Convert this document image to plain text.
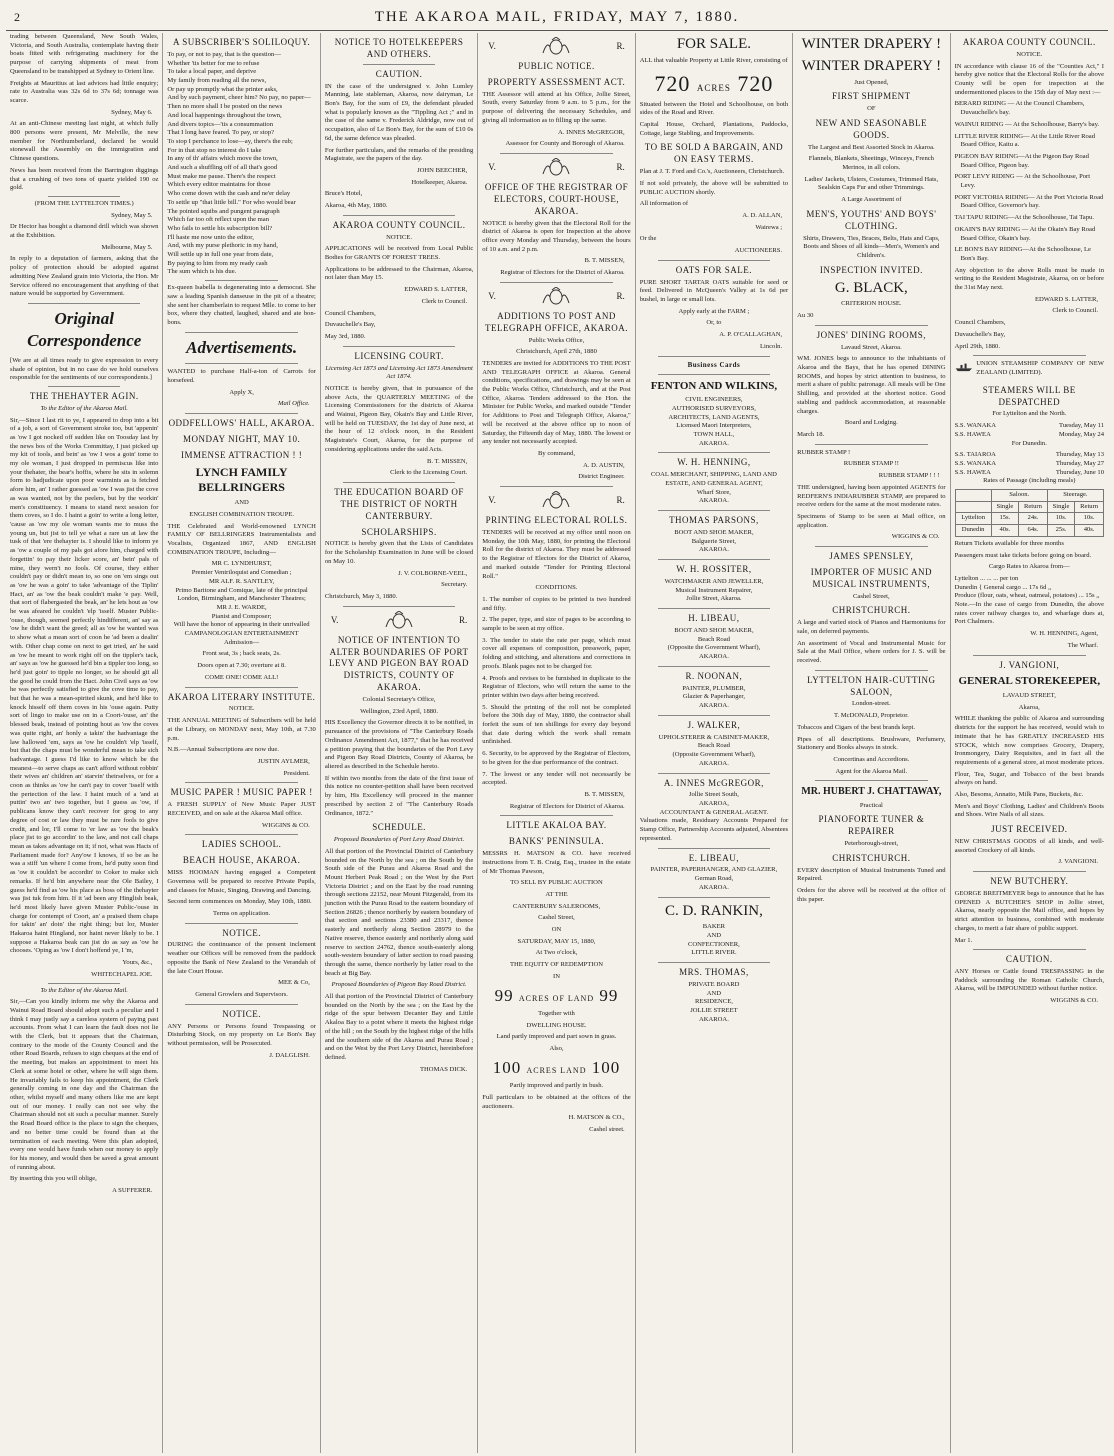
2	THE AKAROA MAIL, FRIDAY, MAY 7, 1880.

trading between Queensland, New South Wales, Victoria, and South Australia, contemplate having their boats fitted with refrigerating machinery for the purpose of carrying shipments of meat from Queensland to be transhipped at Sydney to Orient line.

Freights at Mauritius at last advices had little enquiry; rate to Australia was 32s 6d to 37s 6d; tonnage was scarce.

Sydney, May 6.

At an anti-Chinese meeting last night, at which fully 800 persons were present, Mr Melville, the new member for Northumberland, declared he would stonewall the Assembly on the immigration and Chinese questions.

News has been received from the Barrington diggings that a crushing of two tons of quartz yielded 190 oz gold.

(FROM THE LYTTELTON TIMES.)

Sydney, May 5.

Dr Hector has bought a diamond drill which was shown at the Exhibition.

Melbourne, May 5.

In reply to a deputation of farmers, asking that the policy of protection should be adopted against admitting New Zealand grain into Victoria, the Hon. Mr Service offered no encouragement that anything of that nature would be supported by Government.

Original Correspondence

[We are at all times ready to give expression to every shade of opinion, but in no case do we hold ourselves responsible for the sentiments of our correspondents.]

THE THEHAYTER AGIN.

To the Editor of the Akaroa Mail.

Sir,—Since I last rit to ye, I appeared to drop into a bit of a job, a sort of Government stroke too, but 'appenin' as 'ow I got nocked off sudden like on Toosday last by the news bos of the Works Committay, I just picked up my kit of tools, and bein' as 'ow I wos a goin' tome to my ole woman, I just dropped in permiscus like into your thehater, the bear's hoffis, where he sits in solemn form to hadjudicate upon poor warmints as is fetched afore him, an' I rather guessed as 'ow I was jist the cove as was wanted, not by the peelers, but by the workin' men's constituency. I means to stand next session for them coves, so I do. I haint a goin' to write a long letter, 'cause as 'ow my ole woman wants me to muss the young un, but jist to tell ye what a rare un at law the tusk of that 'ere thehayter is. I should like to inform ye as 'ow a couple of my pals got afore him, charged with forgettin' to pay their licker score, an' bein' pals of mine, they wern't no fools. Of course, they either couldn't pay or didn't mean to, so one on 'em sings out as 'ow he was a goin' to take 'advantage of the Tiplin' Hact, an' as 'ow the beak couldn't make 'e pay. Well, that sort of flabergasted the beak, an' he lets hout as 'ow he was afeared he couldn't 'elp 'isself. Muster Public-'ouse, though, seemed perfectly hindifferent, an' say as 'ow he didn't want the greed; all as 'ow he wanted was to show what a mean sort of coon he 'ad been a dealin' with. Other chap come on next to get tried, an' he said as 'ow he meant to work right off on the tippler's tack, an' says as 'ow he guessed he'd bin a tippler too long, so he'd just goin' to tipple no longer, so he should git all the good he could from the Hact. John Civil says as 'ow he was perfectly satisfied to give the cove time to pay, but that he was a mean-spirited skunk, and he'd like to knock hisself off them coves in his 'ouse again. Putty sort of lingo to make use on in a Coort-'ouse, an' the blessed beak, instead of pointing hout as 'ow the coves was quite right, an' honly a takin' the hadvantage the law hallowed 'em, says as 'ow he couldn't 'elp 'isself, but that the chaps must be wonderful mean to take sich hadvantage. I guess I'd like to know which be the meanest—to serve chaps as can't afford without robbin' their wives an' children an' starvin' theirselves, or for a coon as thinks as 'ow he can't pay to cover 'isself with the pertection of the law. I haint much of a 'and at puttin' two an' two together, but I guess as 'ow, if publicans know they can't recover for grog to any degree of cost or law they must be rare fools to give credit, and lor, I'll come to 'er law as 'ow the beak's place jist to go accordin' to the law, and not call chaps mean as takes advantage on it; if not, what was Hacts of Parliament made for? Any'ow I knows, if so be as he was a stiff 'un where I come from, he'd putty soon find as 'ow it couldn't be accordin' to Coker to make sich remarks. If he'd bin anywhere near the Ole Bailey, I guess he'd find as 'ow his place as boss of the thehayter was jist tuk from him. If it 'ad been any Hinglish beak, he'd most likely have given Muster Public-'ouse in charge for contempt of Coort, an' a praised them chaps for takin' an' doin' the right thing; but lor, Muster Hakaroa haint Hingland, nor haint never likely to be. I suppose a Hakaroa beak can jist do as say as 'ow he chooses. 'Oping as 'ow I don't hoffend ye, I 'm,

Yours, &c.,

WHITECHAPEL JOE.

To the Editor of the Akaroa Mail.

Sir,—Can you kindly inform me why the Akaroa and Wainui Road Board should adopt such a peculiar and I think I may justly say a careless system of paying past accounts. From what I can learn the fault does not lie with the Clerk, but it appears that the Chairman, contrary to the mode of the County Council and the other Road Boards, refuses to sign cheques at the end of the meeting, but makes an appointment to meet his Clerk at some hotel or other, where he will sign them. He invariably fails to keep his appointment, the Clerk generally coming in one day and the Chairman the other, whilst myself and many others like me are kept out of our money. I really can not see why the Chairman should not sit such a peculiar manner. Surely the Road Board office is the place to sign the cheques, and no better time could be found than at the termination of each meeting. Were this plan adopted, every one would have funds when our money to apply for his money, and would then be saved a great amount of running about.

By inserting this you will oblige,

A SUFFERER.

A SUBSCRIBER'S SOLILOQUY.
To pay, or not to pay, that is the question—
Whether 'tis better for me to refuse
To take a local paper, and deprive
My family from reading all the news,
Or pay up promptly what the printer asks,
And by such payment, cheer him? No pay, no paper—
Then no more shall I be posted on the news
And local happenings throughout the town,
And divers topics—'tis a consummation
That I long have feared. To pay, or stop?
To stop I perchance to lose—ay, there's the rub;
For in that stop no interest do I take
In any of th' affairs which move the town,
And such a shuffling off of all that's good
Must make me pause. There's the respect
Which every editor maintains for those
Who come down with the cash and ne'er delay
To settle up "that little bill." For who would bear
The pointed squibs and pungent paragraph
Which far too oft reflect upon the man
Who fails to settle his subscription bill?
I'll haste me now unto the editor,
And, with my purse plethoric in my hand,
Will settle up in full one year from date,
By paying to him from my ready cash
The sum which is his due.

Ex-queen Isabella is degenerating into a democrat. She saw a leading Spanish danseuse in the pit of a theatre; she sent her chamberlain to request Mlle. to come to her box, where they chatted, laughed, shared and ate bon-bons.

Advertisements.

WANTED to purchase Half-a-ton of Carrots for horsefeed.

Apply X,

Mail Office.

ODDFELLOWS' HALL, AKAROA.
MONDAY NIGHT, MAY 10.
IMMENSE ATTRACTION ! !
LYNCH FAMILY BELLRINGERS

AND

ENGLISH COMBINATION TROUPE.

THE Celebrated and World-renowned LYNCH FAMILY OF BELLRINGERS Instrumentalists and Vocalists, Organized 1867, AND ENGLISH COMBINATION TROUPE, Including—

MR C. LYNDHURST,
Premier Ventriloquist and Comedian ;
MR ALF. R. SANTLEY,
Primo Baritone and Comique, late of the principal London, Birmingham, and Manchester Theatres;
MR J. E. WARDE,
Pianist and Composer;
Will have the honor of appearing in their unrivalled
CAMPANOLOGIAN ENTERTAINMENT

Admission—

Front seat, 3s ; back seats, 2s.

Doors open at 7.30; overture at 8.

COME ONE! COME ALL!

AKAROA LITERARY INSTITUTE.

NOTICE.

THE ANNUAL MEETING of Subscribers will be held at the Library, on MONDAY next, May 10th, at 7.30 p.m.

N.B.—Annual Subscriptions are now due.

JUSTIN AYLMER,

President.

MUSIC PAPER ! MUSIC PAPER !

A FRESH SUPPLY of New Music Paper JUST RECEIVED, and on sale at the Akaroa Mail office.

WIGGINS & CO.

LADIES SCHOOL.
BEACH HOUSE, AKAROA.

MISS HOOMAN having engaged a Competent Governess will be prepared to receive Private Pupils, and classes for Music, Singing, Drawing and Dancing.

Second term commences on Monday, May 10th, 1880.

Terms on application.

NOTICE.

DURING the continuance of the present inclement weather our Offices will be removed from the paddock opposite the Bank of New Zealand to the Verandah of the late Court House.

MEE & Co,

General Growlers and Supervisors.

NOTICE.

ANY Persons or Persons found Trespassing or Disturbing Stock, on my property on Le Bon's Bay without permission, will be Prosecuted.

J. DALGLISH.

NOTICE TO HOTELKEEPERS AND OTHERS.
CAUTION.

IN the case of the undersigned v. John Lumley Manning, late stableman, Akaroa, now dairyman, Le Bon's Bay, for the sum of £9, the defendant pleaded what is popularly known as the "Tippling Act ;" and in the case of the same v. Frederick Aldridge, now out of occupation, also of Le Bon's Bay, for the sum of £10 0s 6d, the same defence was pleaded.

For further particulars, and the remarks of the presiding Magistrate, see the papers of the day.

JOHN BEECHER,

Hotelkeeper, Akaroa.

Bruce's Hotel,

Akaroa, 4th May, 1880.

AKAROA COUNTY COUNCIL.

NOTICE.

APPLICATIONS will be received from Local Public Bodies for GRANTS OF FOREST TREES.

Applications to be addressed to the Chairman, Akaroa, not later than May 15.

EDWARD S. LATTER,

Clerk to Council.

Council Chambers,

Duvauchelle's Bay,

May 3rd, 1880.

LICENSING COURT.

Licensing Act 1873 and Licensing Act 1873 Amendment Act 1874.

NOTICE is hereby given, that in pursuance of the above Acts, the QUARTERLY MEETING of the Licensing Commissioners for the districts of Akaroa and Wainui, Pigeon Bay, Okain's Bay and Little River, will be held on TUESDAY, the 1st day of June next, at the hour of 12 o'clock noon, in the Resident Magistrate's Court, Akaroa, for the purpose of considering applications under the said Acts.

B. T. MISSEN,

Clerk to the Licensing Court.

THE EDUCATION BOARD OF THE DISTRICT OF NORTH CANTERBURY.
SCHOLARSHIPS.

NOTICE is hereby given that the Lists of Candidates for the Scholarship Examination in June will be closed on May 10.

J. V. COLBORNE-VEEL,

Secretary.

Christchurch, May 3, 1880.

V.	R.
NOTICE OF INTENTION TO ALTER BOUNDARIES OF PORT LEVY AND PIGEON BAY ROAD DISTRICTS, COUNTY OF AKAROA.

Colonial Secretary's Office,

Wellington, 23rd April, 1880.

HIS Excellency the Governor directs it to be notified, in pursuance of the provisions of "The Canterbury Roads Ordinance Amendment Act, 1877," that he has received a petition praying that the boundaries of the Port Levy and Pigeon Bay Road Districts, County of Akaroa, be altered as described in the Schedule hereto.

If within two months from the date of the first issue of this notice no counter-petition shall have been received by him, His Excellency will proceed in the manner prescribed by section 2 of "The Canterbury Roads Ordinance, 1872."

SCHEDULE.

Proposed Boundaries of Port Levy Road District.

All that portion of the Provincial District of Canterbury bounded on the North by the sea ; on the South by the South side of the Purau and Akaroa Road and the Mount Herbert Peak Road ; on the West by the Port Victoria District ; and on the East by the road running through sections 22152, near Mount Fitzgerald, from its junction with the Purau Road to the eastern boundary of Section 26826 ; thence northerly by eastern boundary of that section and sections 23380 and 23317, thence easterly and northerly along Section 28979 to the Native reserve, thence easterly and northerly along said reserve to section 24762, thence south-easterly along south-western boundary of latter section to road passing through the same, thence northerly by latter road to the beach at Big Bay.

Proposed Boundaries of Pigeon Bay Road District.

All that portion of the Provincial District of Canterbury bounded on the North by the sea ; on the East by the ridge of the spur between Decanter Bay and Little Akaloa Bay to a point where it meets the highest ridge of the hill ; on the South by the highest ridge of the hills and the southern side of the Akaroa and Purau Road ; and on the West by the Port Levy District, hereinbefore defined.

THOMAS DICK.

V.	R.
PUBLIC NOTICE.
PROPERTY ASSESSMENT ACT.

THE Assessor will attend at his Office, Jollie Street, South, every Saturday from 9 a.m. to 5 p.m., for the purpose of delivering the necessary Schedules, and giving all information as to filling up the same.

A. INNES McGREGOR,

Assessor for County and Borough of Akaroa.

V.	R.
OFFICE OF THE REGISTRAR OF ELECTORS, COURT-HOUSE, AKAROA.

NOTICE is hereby given that the Electoral Roll for the district of Akaroa is open for Inspection at the above office every Monday and Thursday, between the hours of 10 a.m. and 2 p.m.

B. T. MISSEN,

Registrar of Electors for the District of Akaroa.

V.	R.
ADDITIONS TO POST AND TELEGRAPH OFFICE, AKAROA.

Public Works Office,

Christchurch, April 27th, 1880

TENDERS are invited for ADDITIONS TO THE POST AND TELEGRAPH OFFICE at Akaroa. General conditions, specifications, and drawings may be seen at the Public Works Office, Christchurch, and at the Post Office, Akaroa. Tenders addressed to the Hon. the Minister for Public Works, and marked outside "Tender for Additions to Post and Telegraph Office, Akaroa," will be received at the above office up to noon of Saturday, the Fifteenth day of May, 1880. The lowest or any tender not necessarily accepted.

By command,

A. D. AUSTIN,

District Engineer.

V.	R.
PRINTING ELECTORAL ROLLS.

TENDERS will be received at my office until noon on Monday, the 10th May, 1880, for printing the Electoral Roll for the district of Akaroa. They must be addressed to the Registrar of Electors for the District of Akaroa, and marked outside "Tender for Printing Electoral Roll."

CONDITIONS.

1. The number of copies to be printed is two hundred and fifty.

2. The paper, type, and size of pages to be according to sample to be seen at my office.

3. The tender to state the rate per page, which must cover all expenses of composition, presswork, paper, folding and stitching, and alterations and corrections in proofs. Blank pages not to be charged for.

4. Proofs and revises to be furnished in duplicate to the Registrar of Electors, who will return the same to the printer within two days after being received.

5. Should the printing of the roll not be completed before the 30th day of May, 1880, the contractor shall forfeit the sum of ten shillings for every day beyond that date during which the work shall remain unfinished.

6. Security, to be approved by the Registrar of Electors, to be given for the due performance of the contract.

7. The lowest or any tender will not necessarily be accepted.

B. T. MISSEN,

Registrar of Electors for District of Akaroa.

LITTLE AKALOA BAY.
BANKS' PENINSULA.

MESSRS H. MATSON & CO. have received instructions from T. B. Craig, Esq., trustee in the estate of Mr Thomas Pawson,

TO SELL BY PUBLIC AUCTION

AT THE

CANTERBURY SALEROOMS,

Cashel Street,

ON

SATURDAY, MAY 15, 1880,

At Two o'clock,

THE EQUITY OF REDEMPTION

IN

99 ACRES OF LAND 99

Together with

DWELLING HOUSE.

Land partly improved and part sown in grass.

Also,

100 ACRES LAND 100

Partly improved and partly in bush.

Full particulars to be obtained at the offices of the auctioneers.

H. MATSON & CO.,

Cashel street.

FOR SALE.

ALL that valuable Property at Little River, consisting of

720 ACRES 720

Situated between the Hotel and Schoolhouse, on both sides of the Road and River.

Capital House, Orchard, Plantations, Paddocks, Cottage, large Stabling, and Improvements.

TO BE SOLD A BARGAIN, AND ON EASY TERMS.

Plan at J. T. Ford and Co.'s, Auctioneers, Christchurch.

If not sold privately, the above will be submitted to PUBLIC AUCTION shortly.

All information of

A. D. ALLAN,

Wairewa ;

Or the

AUCTIONEERS.

OATS FOR SALE.

PURE SHORT TARTAR OATS suitable for seed or feed. Delivered in McQueen's Valley at 1s 6d per bushel, in large or small lots.

Apply early at the FARM ;

Or, to

A. P. O'CALLAGHAN,

Lincoln.

Business Cards
FENTON AND WILKINS,
CIVIL ENGINEERS,
AUTHORISED SURVEYORS,
ARCHITECTS, LAND AGENTS,
Licensed Maori Interpreters,
TOWN HALL,
AKAROA.
W. H. HENNING,
COAL MERCHANT, SHIPPING, LAND AND ESTATE, AND GENERAL AGENT,
Wharf Store,
AKAROA.
THOMAS PARSONS,
BOOT AND SHOE MAKER,
Balguerie Street,
AKAROA.
W. H. ROSSITER,
WATCHMAKER AND JEWELLER,
Musical Instrument Repairer,
Jollie Street, Akaroa.
H. LIBEAU,
BOOT AND SHOE MAKER,
Beach Road
(Opposite the Government Wharf),
AKAROA.
R. NOONAN,
PAINTER, PLUMBER,
Glazier & Paperhanger,
AKAROA.
J. WALKER,
UPHOLSTERER & CABINET-MAKER,
Beach Road
(Opposite Government Wharf),
AKAROA.
A. INNES McGREGOR,
Jollie Street South,
AKAROA,
ACCOUNTANT & GENERAL AGENT.

Valuations made, Residuary Accounts Prepared for Stamp Office, Partnership Accounts adjusted, Absentees represented.

E. LIBEAU,
PAINTER, PAPERHANGER, AND GLAZIER,
German Road,
AKAROA.
C. D. RANKIN,
BAKER
AND
CONFECTIONER,
LITTLE RIVER.
MRS. THOMAS,
PRIVATE BOARD
AND
RESIDENCE,
JOLLIE STREET
AKAROA.
WINTER DRAPERY !
WINTER DRAPERY !

Just Opened,

FIRST SHIPMENT

OF

NEW AND SEASONABLE GOODS.

The Largest and Best Assorted Stock in Akaroa.

Flannels, Blankets, Sheetings, Winceys, French Merinos, in all colors.

Ladies' Jackets, Ulsters, Costumes, Trimmed Hats, Sealskin Caps Fur and other Trimmings.

A Large Assortment of

MEN'S, YOUTHS' AND BOYS' CLOTHING.

Shirts, Drawers, Ties, Braces, Belts, Hats and Caps, Boots and Shoes of all kinds—Men's, Women's and Children's.

INSPECTION INVITED.
G. BLACK,

CRITERION HOUSE.

Au 30

JONES' DINING ROOMS,

Lavaud Street, Akaroa.

WM. JONES begs to announce to the inhabitants of Akaroa and the Bays, that he has opened DINING ROOMS, and hopes by strict attention to business, to merit a share of public patronage. All meals will be One Shilling, and provided at the shortest notice. Good stabling and paddock accommodation, at reasonable charges.

Board and Lodging.

March 18.

RUBBER STAMP !

RUBBER STAMP !!

RUBBER STAMP ! ! !

THE undersigned, having been appointed AGENTS for REDFERN'S INDIARUBBER STAMP, are prepared to receive orders for the same at the most moderate rates.

Specimens of Stamp to be seen at Mail office, on application.

WIGGINS & CO.

JAMES SPENSLEY,
IMPORTER OF MUSIC AND MUSICAL INSTRUMENTS,

Cashel Street,

CHRISTCHURCH.

A large and varied stock of Pianos and Harmoniums for sale, on deferred payments.

An assortment of Vocal and Instrumental Music for Sale at the Mail Office, where orders for J. S. will be received.

LYTTELTON HAIR-CUTTING SALOON,

London-street.

T. McDONALD, Proprietor.

Tobaccos and Cigars of the best brands kept.

Pipes of all descriptions. Brushware, Perfumery, Stationery and Books always in stock.

Concertinas and Accordions.

Agent for the Akaroa Mail.

MR. HUBERT J. CHATTAWAY,

Practical

PIANOFORTE TUNER & REPAIRER

Peterborough-street,

CHRISTCHURCH.

EVERY description of Musical Instruments Tuned and Repaired.

Orders for the above will be received at the office of this paper.

AKAROA COUNTY COUNCIL.

NOTICE.

IN accordance with clause 16 of the "Counties Act," I hereby give notice that the Electoral Rolls for the above County will be open for inspection at the undermentioned places to the 15th day of May next :—

BERARD RIDING — At the Council Chambers, Duvauchelle's bay.
WAINUI RIDING — At the Schoolhouse, Barry's bay.
LITTLE RIVER RIDING— At the Little River Road Board Office, Kaitu a.
PIGEON BAY RIDING—At the Pigeon Bay Road Board Office, Pigeon bay.
PORT LEVY RIDING — At the Schoolhouse, Port Levy.
PORT VICTORIA RIDING— At the Port Victoria Road Board Office, Governor's bay.
TAI TAPU RIDING—At the Schoolhouse, Tai Tapu.
OKAIN'S BAY RIDING — At the Okain's Bay Road Board Office, Okain's bay.
LE BON'S BAY RIDING—At the Schoolhouse, Le Bon's Bay.

Any objection to the above Rolls must be made in writing to the Resident Magistrate, Akaroa, on or before the 31st May next.

EDWARD S. LATTER,

Clerk to Council.

Council Chambers,

Duvauchelle's Bay,

April 29th, 1880.

UNION STEAMSHIP COMPANY OF NEW ZEALAND (LIMITED).

STEAMERS WILL BE DESPATCHED

For Lyttelton and the North.

S.S. WANAKA	Tuesday, May 11
S.S. HAWEA	Monday, May 24

For Dunedin.

S.S. TAIAROA	Thursday, May 13
S.S. WANAKA	Thursday, May 27
S.S. HAWEA	Thursday, June 10

Rates of Passage (including meals)

	Saloon.		Steerage.	
	Single	Return	Single	Return
Lyttelton	15s.	24s.	10s.	10s.
Dunedin	40s.	64s.	25s.	40s.

Return Tickets available for three months

Passengers must take tickets before going on board.

Cargo Rates to Akaroa from—

Lyttelton ... ... ... per ton
Dunedin { General cargo ... 17s 6d ,,
Produce (flour, oats, wheat, oatmeal, potatoes) ... 15s ,,

Note.—In the case of cargo from Dunedin, the above rates cover railway charges to, and wharfage dues at, Port Chalmers.

W. H. HENNING, Agent,

The Wharf.

J. VANGIONI,
GENERAL STOREKEEPER,

LAVAUD STREET,

Akaroa,

WHILE thanking the public of Akaroa and surrounding districts for the support he has received, would wish to intimate that he has GREATLY INCREASED HIS STOCK, which now comprises Grocery, Drapery, Ironmongery, Dairy Requisites, and in fact all the requirements of a general store, at most moderate prices.

Flour, Tea, Sugar, and Tobacco of the best brands always on hand.

Also, Besoms, Annatto, Milk Pans, Buckets, &c.

Men's and Boys' Clothing, Ladies' and Children's Boots and Shoes. Wire Nails of all sizes.

JUST RECEIVED.

NEW CHRISTMAS GOODS of all kinds, and well-assorted Crockery of all kinds.

J. VANGIONI.

NEW BUTCHERY.

GEORGE BREITMEYER begs to announce that he has OPENED A BUTCHER'S SHOP in Jollie street, Akaroa, nearly opposite the Mail office, and hopes by strict attention to business, combined with moderate charges, to merit a fair share of public support.

Mar 1.

CAUTION.

ANY Horses or Cattle found TRESPASSING in the Paddock surrounding the Roman Catholic Church, Akaroa, will be IMPOUNDED without further notice.

WIGGINS & CO.
